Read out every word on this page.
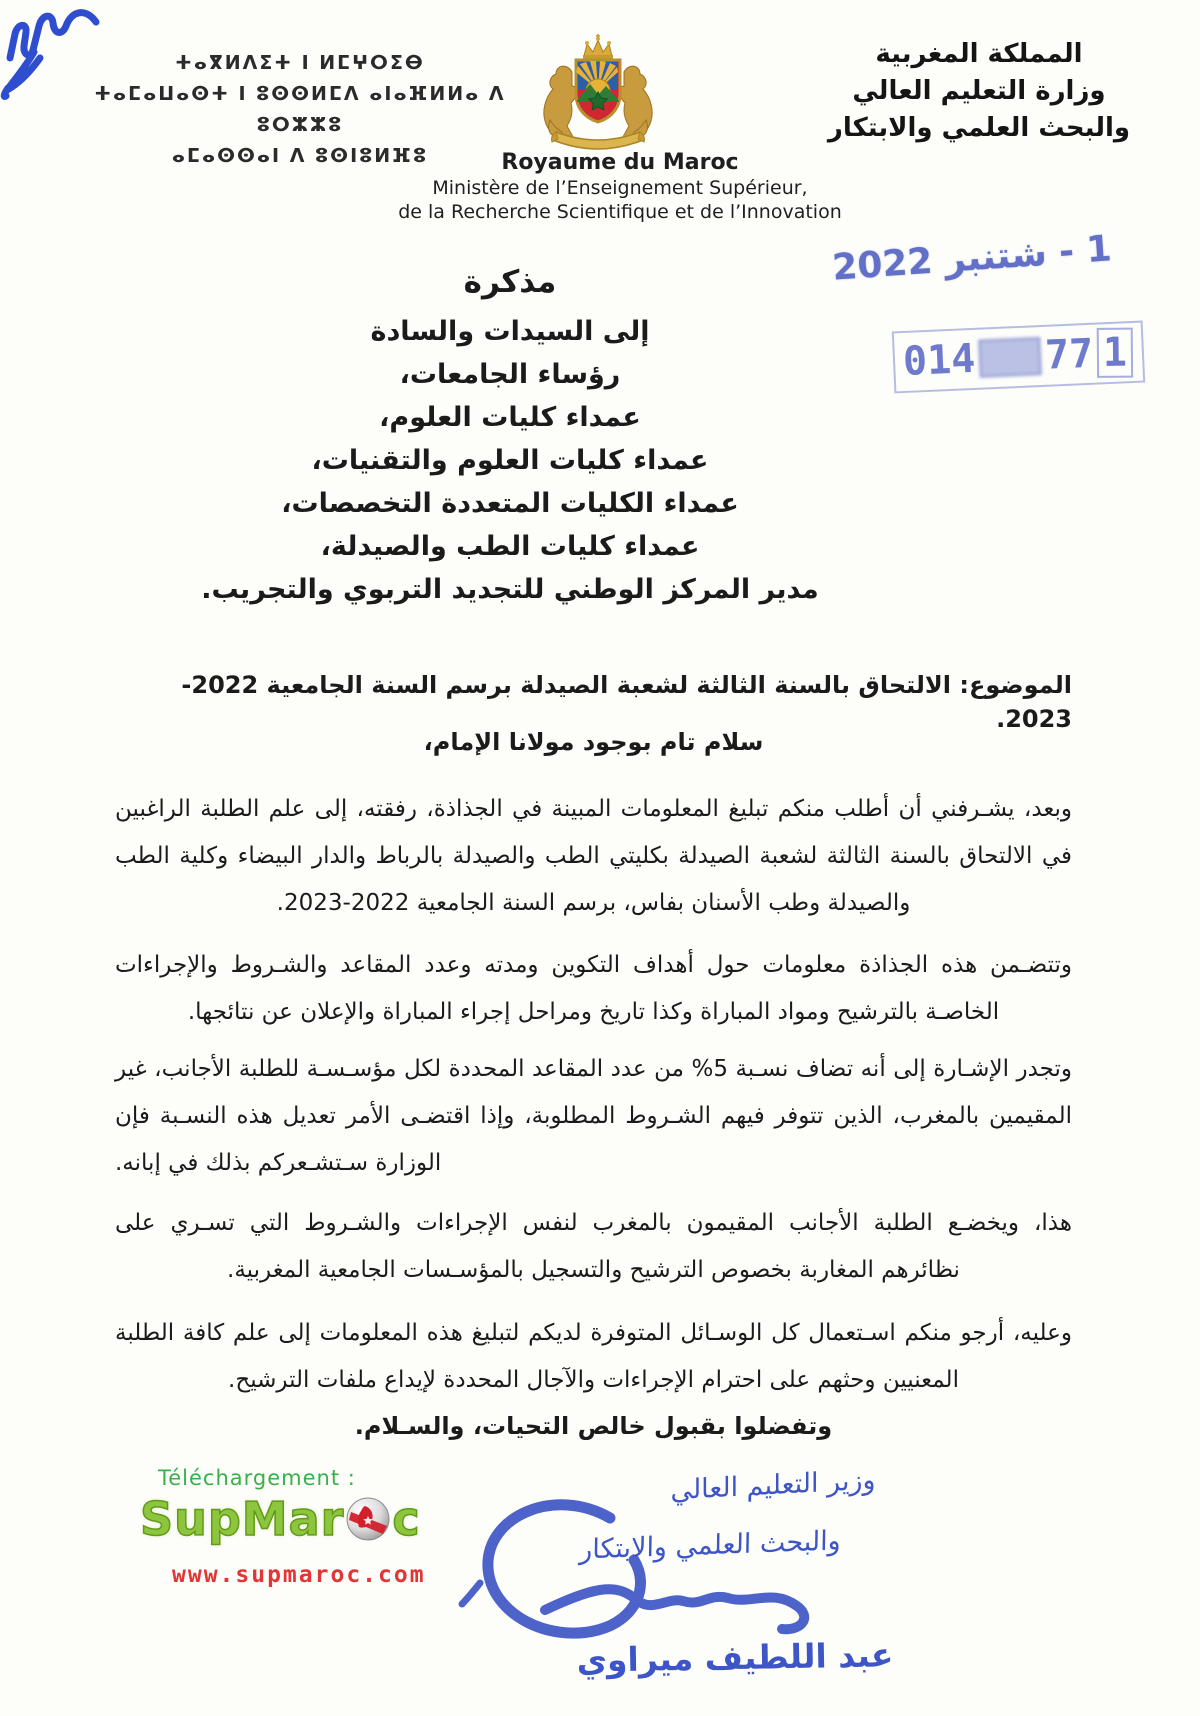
ⵜⴰⴳⵍⴷⵉⵜ ⵏ ⵍⵎⵖⵔⵉⴱ
ⵜⴰⵎⴰⵡⴰⵙⵜ ⵏ ⵓⵙⵙⵍⵎⴷ ⴰⵏⴰⴼⵍⵍⴰ ⴷ ⵓⵔⵣⵣⵓ
ⴰⵎⴰⵙⵙⴰⵏ ⴷ ⵓⵙⵏⵓⵍⴼⵓ
المملكة المغربية
وزارة التعليم العالي
والبحث العلمي والابتكار
Royaume du Maroc
Ministère de l’Enseignement Supérieur,
de la Recherche Scientifique et de l’Innovation
1 - شتنبر 2022
014 77 1
مذكرة
إلى السيدات والسادة
رؤساء الجامعات،
عمداء كليات العلوم،
عمداء كليات العلوم والتقنيات،
عمداء الكليات المتعددة التخصصات،
عمداء كليات الطب والصيدلة،
مدير المركز الوطني للتجديد التربوي والتجريب.
الموضوع: الالتحاق بالسنة الثالثة لشعبة الصيدلة برسم السنة الجامعية 2022-2023.
سلام تام بوجود مولانا الإمام،
وبعد، يشـرفني أن أطلب منكم تبليغ المعلومات المبينة في الجذاذة، رفقته، إلى علم الطلبة الراغبين في الالتحاق بالسنة الثالثة لشعبة الصيدلة بكليتي الطب والصيدلة بالرباط والدار البيضاء وكلية الطب والصيدلة وطب الأسنان بفاس، برسم السنة الجامعية 2022-2023.
وتتضـمن هذه الجذاذة معلومات حول أهداف التكوين ومدته وعدد المقاعد والشـروط والإجراءات الخاصـة بالترشيح ومواد المباراة وكذا تاريخ ومراحل إجراء المباراة والإعلان عن نتائجها.
وتجدر الإشـارة إلى أنه تضاف نسـبة 5% من عدد المقاعد المحددة لكل مؤسـسـة للطلبة الأجانب، غير المقيمين بالمغرب، الذين تتوفر فيهم الشـروط المطلوبة، وإذا اقتضـى الأمر تعديل هذه النسـبة فإن الوزارة سـتشـعركم بذلك في إبانه.
هذا، ويخضـع الطلبة الأجانب المقيمون بالمغرب لنفس الإجراءات والشـروط التي تسـري على نظائرهم المغاربة بخصوص الترشيح والتسجيل بالمؤسـسات الجامعية المغربية.
وعليه، أرجو منكم اسـتعمال كل الوسـائل المتوفرة لديكم لتبليغ هذه المعلومات إلى علم كافة الطلبة المعنيين وحثهم على احترام الإجراءات والآجال المحددة لإيداع ملفات الترشيح.
وتفضلوا بقبول خالص التحيات، والسـلام.
Téléchargement :
SupMar c
www.supmaroc.com
وزير التعليم العالي
والبحث العلمي والابتكار
عبد اللطيف ميراوي
